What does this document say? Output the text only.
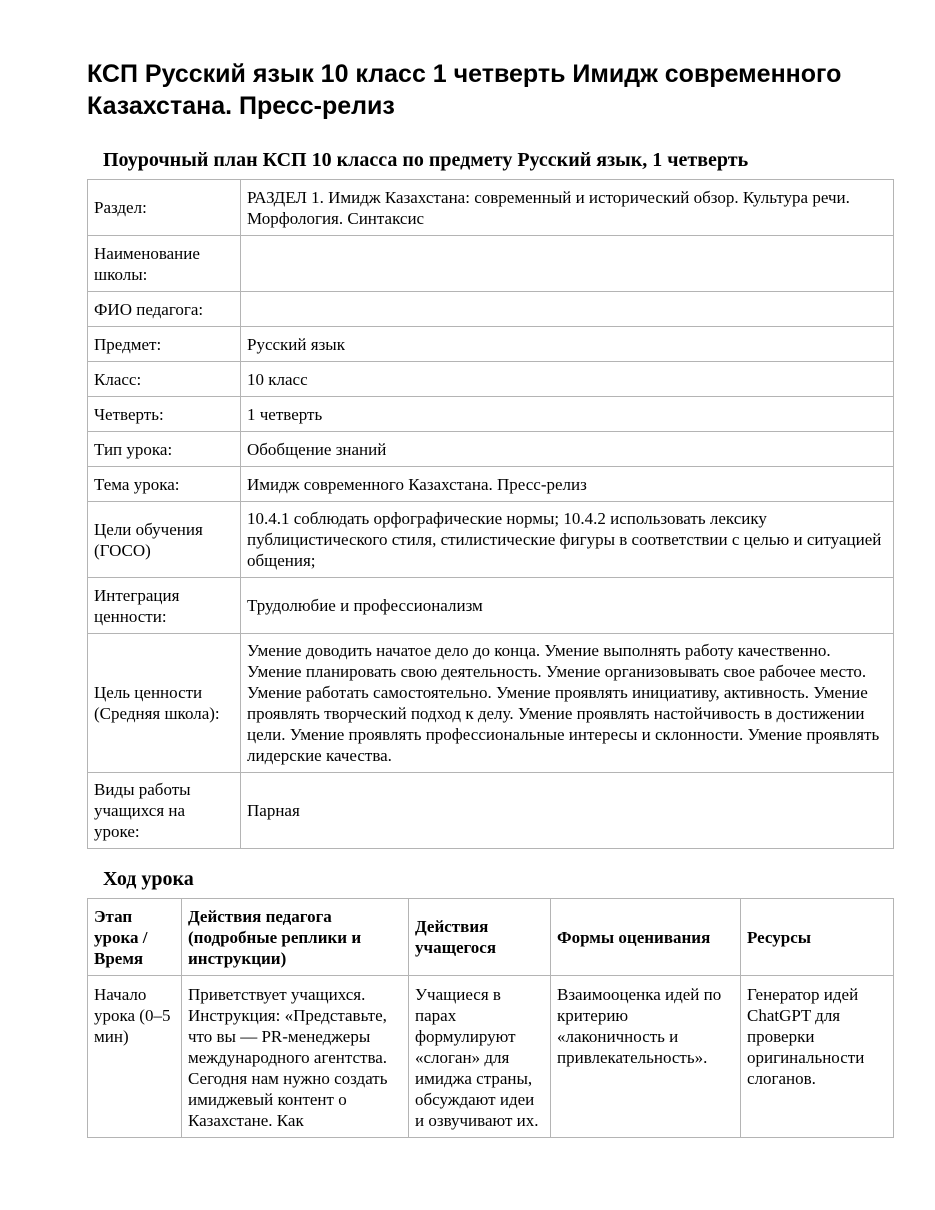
КСП Русский язык 10 класс 1 четверть Имидж современного Казахстана. Пресс-релиз
Поурочный план КСП 10 класса по предмету Русский язык, 1 четверть
Раздел:	РАЗДЕЛ 1. Имидж Казахстана: современный и исторический обзор. Культура речи. Морфология. Синтаксис
Наименование школы:	
ФИО педагога:	
Предмет:	Русский язык
Класс:	10 класс
Четверть:	1 четверть
Тип урока:	Обобщение знаний
Тема урока:	Имидж современного Казахстана. Пресс-релиз
Цели обучения (ГОСО)	10.4.1 соблюдать орфографические нормы; 10.4.2 использовать лексику публицистического стиля, стилистические фигуры в соответствии с целью и ситуацией общения;
Интеграция ценности:	Трудолюбие и профессионализм
Цель ценности (Средняя школа):	Умение доводить начатое дело до конца. Умение выполнять работу качественно. Умение планировать свою деятельность. Умение организовывать свое рабочее место. Умение работать самостоятельно. Умение проявлять инициативу, активность. Умение проявлять творческий подход к делу. Умение проявлять настойчивость в достижении цели. Умение проявлять профессиональные интересы и склонности. Умение проявлять лидерские качества.
Виды работы учащихся на уроке:	Парная
Ход урока
Этап урока / Время	Действия педагога (подробные реплики и инструкции)	Действия учащегося	Формы оценивания	Ресурсы
Начало урока (0–5 мин)	Приветствует учащихся. Инструкция: «Представьте, что вы — PR-менеджеры международного агентства. Сегодня нам нужно создать имиджевый контент о Казахстане. Как	Учащиеся в парах формулируют «слоган» для имиджа страны, обсуждают идеи и озвучивают их.	Взаимооценка идей по критерию «лаконичность и привлекательность».	Генератор идей ChatGPT для проверки оригинальности слоганов.
